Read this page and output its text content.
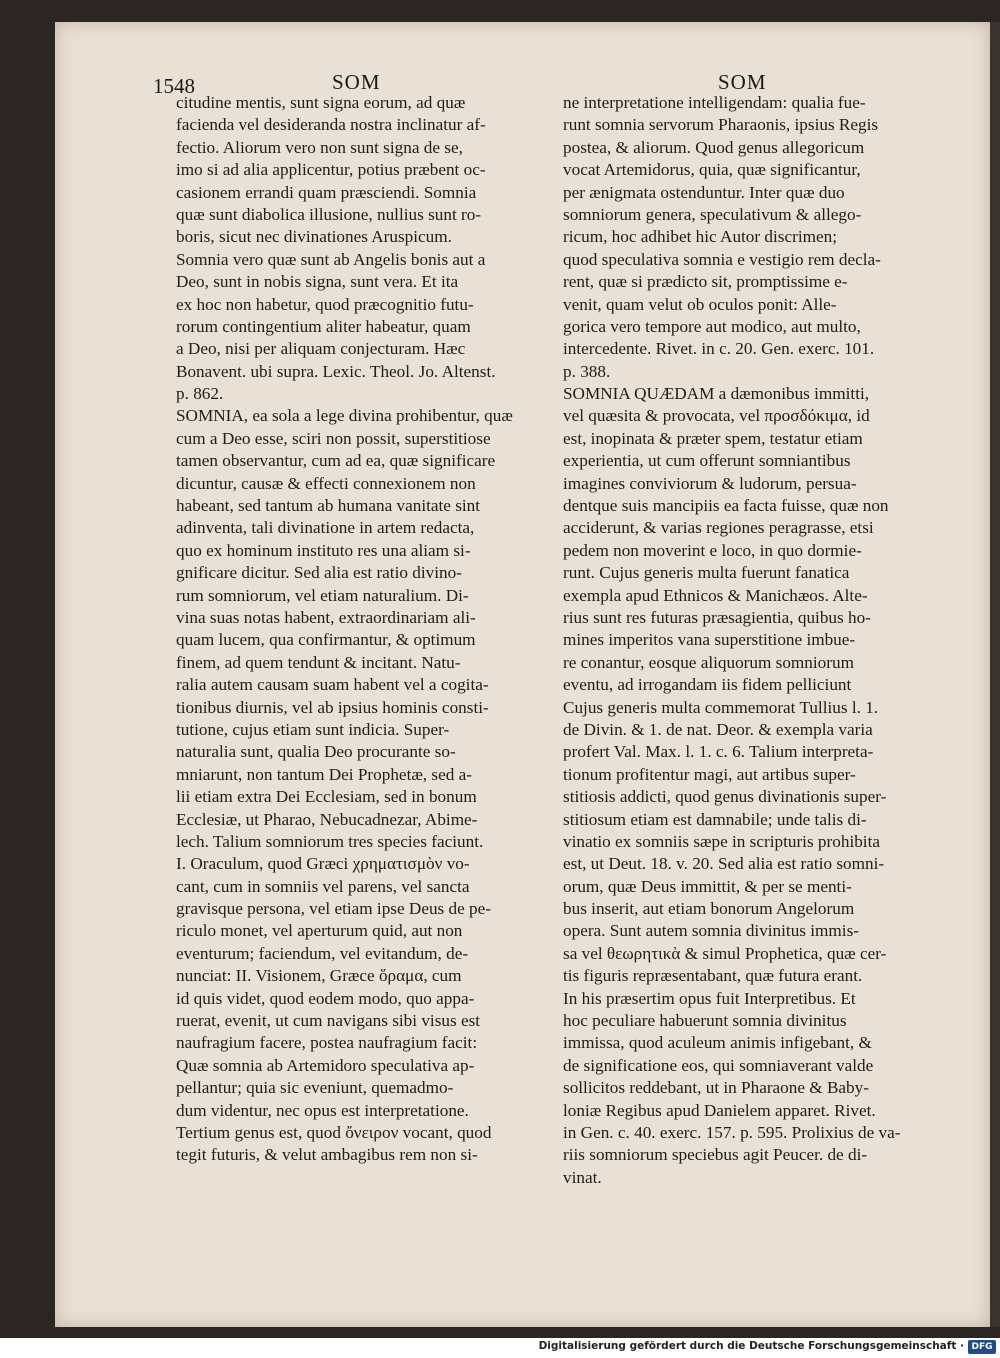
1548	SOM	SOM
citudine mentis, sunt signa eorum, ad quæ
facienda vel desideranda nostra inclinatur af-
fectio. Aliorum vero non sunt signa de se,
imo si ad alia applicentur, potius præbent oc-
casionem errandi quam præsciendi. Somnia
quæ sunt diabolica illusione, nullius sunt ro-
boris, sicut nec divinationes Aruspicum.
Somnia vero quæ sunt ab Angelis bonis aut a
Deo, sunt in nobis signa, sunt vera. Et ita
ex hoc non habetur, quod præcognitio futu-
rorum contingentium aliter habeatur, quam
a Deo, nisi per aliquam conjecturam. Hæc
Bonavent. ubi supra. Lexic. Theol. Jo. Altenst.
p. 862.
SOMNIA, ea sola a lege divina prohibentur, quæ
cum a Deo esse, sciri non possit, superstitiose
tamen observantur, cum ad ea, quæ significare
dicuntur, causæ & effecti connexionem non
habeant, sed tantum ab humana vanitate sint
adinventa, tali divinatione in artem redacta,
quo ex hominum instituto res una aliam si-
gnificare dicitur. Sed alia est ratio divino-
rum somniorum, vel etiam naturalium. Di-
vina suas notas habent, extraordinariam ali-
quam lucem, qua confirmantur, & optimum
finem, ad quem tendunt & incitant. Natu-
ralia autem causam suam habent vel a cogita-
tionibus diurnis, vel ab ipsius hominis consti-
tutione, cujus etiam sunt indicia. Super-
naturalia sunt, qualia Deo procurante so-
mniarunt, non tantum Dei Prophetæ, sed a-
lii etiam extra Dei Ecclesiam, sed in bonum
Ecclesiæ, ut Pharao, Nebucadnezar, Abime-
lech. Talium somniorum tres species faciunt.
I. Oraculum, quod Græci χρηματισμὸν vo-
cant, cum in somniis vel parens, vel sancta
gravisque persona, vel etiam ipse Deus de pe-
riculo monet, vel aperturum quid, aut non
eventurum; faciendum, vel evitandum, de-
nunciat: II. Visionem, Græce ὅραμα, cum
id quis videt, quod eodem modo, quo appa-
ruerat, evenit, ut cum navigans sibi visus est
naufragium facere, postea naufragium facit:
Quæ somnia ab Artemidoro speculativa ap-
pellantur; quia sic eveniunt, quemadmo-
dum videntur, nec opus est interpretatione.
Tertium genus est, quod ὄνειρον vocant, quod
tegit futuris, & velut ambagibus rem non si-
ne interpretatione intelligendam: qualia fue-
runt somnia servorum Pharaonis, ipsius Regis
postea, & aliorum. Quod genus allegoricum
vocat Artemidorus, quia, quæ significantur,
per ænigmata ostenduntur. Inter quæ duo
somniorum genera, speculativum & allego-
ricum, hoc adhibet hic Autor discrimen;
quod speculativa somnia e vestigio rem decla-
rent, quæ si prædicto sit, promptissime e-
venit, quam velut ob oculos ponit: Alle-
gorica vero tempore aut modico, aut multo,
intercedente. Rivet. in c. 20. Gen. exerc. 101.
p. 388.
SOMNIA QUÆDAM a dæmonibus immitti,
vel quæsita & provocata, vel προσδόκιμα, id
est, inopinata & præter spem, testatur etiam
experientia, ut cum offerunt somniantibus
imagines conviviorum & ludorum, persua-
dentque suis mancipiis ea facta fuisse, quæ non
acciderunt, & varias regiones peragrasse, etsi
pedem non moverint e loco, in quo dormie-
runt. Cujus generis multa fuerunt fanatica
exempla apud Ethnicos & Manichæos. Alte-
rius sunt res futuras præsagientia, quibus ho-
mines imperitos vana superstitione imbue-
re conantur, eosque aliquorum somniorum
eventu, ad irrogandam iis fidem pelliciunt
Cujus generis multa commemorat Tullius l. 1.
de Divin. & 1. de nat. Deor. & exempla varia
profert Val. Max. l. 1. c. 6. Talium interpreta-
tionum profitentur magi, aut artibus super-
stitiosis addicti, quod genus divinationis super-
stitiosum etiam est damnabile; unde talis di-
vinatio ex somniis sæpe in scripturis prohibita
est, ut Deut. 18. v. 20. Sed alia est ratio somni-
orum, quæ Deus immittit, & per se menti-
bus inserit, aut etiam bonorum Angelorum
opera. Sunt autem somnia divinitus immis-
sa vel θεωρητικὰ & simul Prophetica, quæ cer-
tis figuris repræsentabant, quæ futura erant.
In his præsertim opus fuit Interpretibus. Et
hoc peculiare habuerunt somnia divinitus
immissa, quod aculeum animis infigebant, &
de significatione eos, qui somniaverant valde
sollicitos reddebant, ut in Pharaone & Baby-
loniæ Regibus apud Danielem apparet. Rivet.
in Gen. c. 40. exerc. 157. p. 595. Prolixius de va-
riis somniorum speciebus agit Peucer. de di-
vinat.
Digitalisierung gefördert durch die Deutsche Forschungsgemeinschaft · DFG
